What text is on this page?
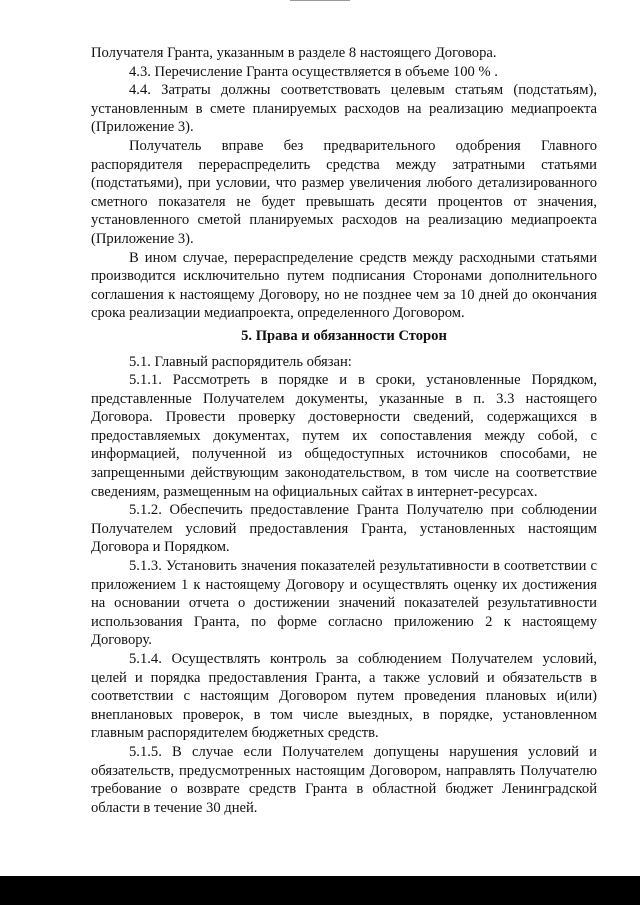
Получателя Гранта, указанным в разделе 8 настоящего Договора.

4.3. Перечисление Гранта осуществляется в объеме 100 % .

4.4. Затраты должны соответствовать целевым статьям (подстатьям), установленным в смете планируемых расходов на реализацию медиапроекта (Приложение 3).

Получатель вправе без предварительного одобрения Главного распорядителя перераспределить средства между затратными статьями (подстатьями), при условии, что размер увеличения любого детализированного сметного показателя не будет превышать десяти процентов от значения, установленного сметой планируемых расходов на реализацию медиапроекта (Приложение 3).

В ином случае, перераспределение средств между расходными статьями производится исключительно путем подписания Сторонами дополнительного соглашения к настоящему Договору, но не позднее чем за 10 дней до окончания срока реализации медиапроекта, определенного Договором.

5. Права и обязанности Сторон

5.1. Главный распорядитель обязан:

5.1.1. Рассмотреть в порядке и в сроки, установленные Порядком, представленные Получателем документы, указанные в п. 3.3 настоящего Договора. Провести проверку достоверности сведений, содержащихся в предоставляемых документах, путем их сопоставления между собой, с информацией, полученной из общедоступных источников способами, не запрещенными действующим законодательством, в том числе на соответствие сведениям, размещенным на официальных сайтах в интернет-ресурсах.

5.1.2. Обеспечить предоставление Гранта Получателю при соблюдении Получателем условий предоставления Гранта, установленных настоящим Договора и Порядком.

5.1.3. Установить значения показателей результативности в соответствии с приложением 1 к настоящему Договору и осуществлять оценку их достижения на основании отчета о достижении значений показателей результативности использования Гранта, по форме согласно приложению 2 к настоящему Договору.

5.1.4. Осуществлять контроль за соблюдением Получателем условий, целей и порядка предоставления Гранта, а также условий и обязательств в соответствии с настоящим Договором путем проведения плановых и(или) внеплановых проверок, в том числе выездных, в порядке, установленном главным распорядителем бюджетных средств.

5.1.5. В случае если Получателем допущены нарушения условий и обязательств, предусмотренных настоящим Договором, направлять Получателю требование о возврате средств Гранта в областной бюджет Ленинградской области в течение 30 дней.
